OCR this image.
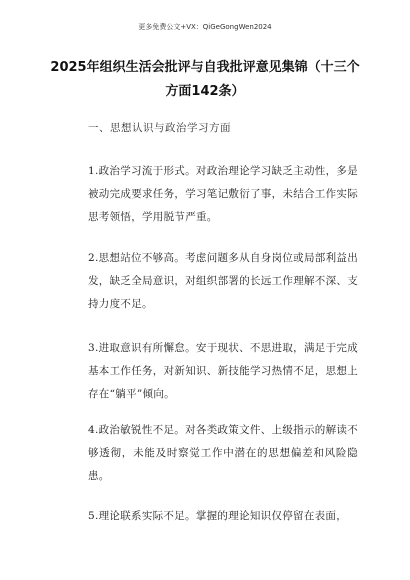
更多免费公文+VX：QiGeGongWen2024
2025年组织生活会批评与自我批评意见集锦（十三个方面142条）
一、思想认识与政治学习方面
1.政治学习流于形式。对政治理论学习缺乏主动性，多是被动完成要求任务，学习笔记敷衍了事，未结合工作实际思考领悟，学用脱节严重。
2.思想站位不够高。考虑问题多从自身岗位或局部利益出发，缺乏全局意识，对组织部署的长远工作理解不深、支持力度不足。
3.进取意识有所懈怠。安于现状、不思进取，满足于完成基本工作任务，对新知识、新技能学习热情不足，思想上存在“躺平”倾向。
4.政治敏锐性不足。对各类政策文件、上级指示的解读不够透彻，未能及时察觉工作中潜在的思想偏差和风险隐患。
5.理论联系实际不足。掌握的理论知识仅停留在表面，
